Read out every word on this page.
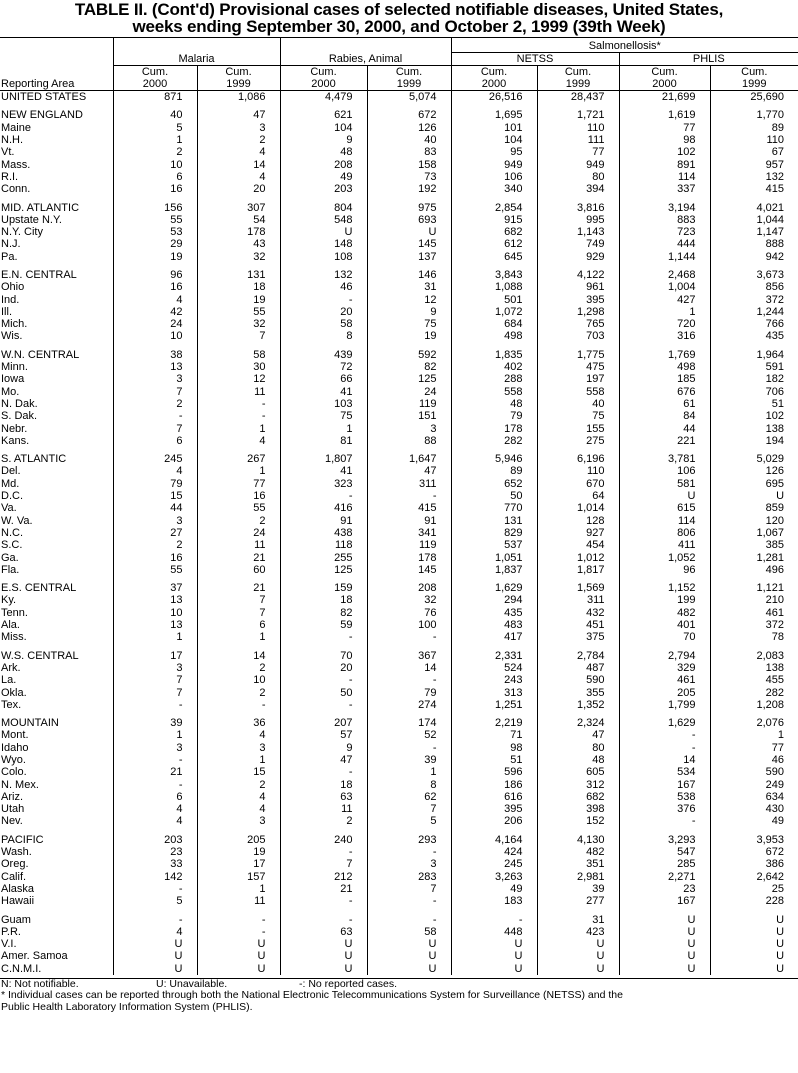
TABLE II. (Cont'd) Provisional cases of selected notifiable diseases, United States,
weeks ending September 30, 2000, and October 2, 1999 (39th Week)
					Salmonellosis*			
	Malaria		Rabies, Animal		NETSS		PHLIS	
Reporting Area	Cum.	Cum.	Cum.	Cum.	Cum.	Cum.	Cum.	Cum.
	2000	1999	2000	1999	2000	1999	2000	1999
UNITED STATES	871	1,086	4,479	5,074	26,516	28,437	21,699	25,690

NEW ENGLAND	40	47	621	672	1,695	1,721	1,619	1,770
Maine	5	3	104	126	101	110	77	89
N.H.	1	2	9	40	104	111	98	110
Vt.	2	4	48	83	95	77	102	67
Mass.	10	14	208	158	949	949	891	957
R.I.	6	4	49	73	106	80	114	132
Conn.	16	20	203	192	340	394	337	415

MID. ATLANTIC	156	307	804	975	2,854	3,816	3,194	4,021
Upstate N.Y.	55	54	548	693	915	995	883	1,044
N.Y. City	53	178	U	U	682	1,143	723	1,147
N.J.	29	43	148	145	612	749	444	888
Pa.	19	32	108	137	645	929	1,144	942

E.N. CENTRAL	96	131	132	146	3,843	4,122	2,468	3,673
Ohio	16	18	46	31	1,088	961	1,004	856
Ind.	4	19	-	12	501	395	427	372
Ill.	42	55	20	9	1,072	1,298	1	1,244
Mich.	24	32	58	75	684	765	720	766
Wis.	10	7	8	19	498	703	316	435

W.N. CENTRAL	38	58	439	592	1,835	1,775	1,769	1,964
Minn.	13	30	72	82	402	475	498	591
Iowa	3	12	66	125	288	197	185	182
Mo.	7	11	41	24	558	558	676	706
N. Dak.	2	-	103	119	48	40	61	51
S. Dak.	-	-	75	151	79	75	84	102
Nebr.	7	1	1	3	178	155	44	138
Kans.	6	4	81	88	282	275	221	194

S. ATLANTIC	245	267	1,807	1,647	5,946	6,196	3,781	5,029
Del.	4	1	41	47	89	110	106	126
Md.	79	77	323	311	652	670	581	695
D.C.	15	16	-	-	50	64	U	U
Va.	44	55	416	415	770	1,014	615	859
W. Va.	3	2	91	91	131	128	114	120
N.C.	27	24	438	341	829	927	806	1,067
S.C.	2	11	118	119	537	454	411	385
Ga.	16	21	255	178	1,051	1,012	1,052	1,281
Fla.	55	60	125	145	1,837	1,817	96	496

E.S. CENTRAL	37	21	159	208	1,629	1,569	1,152	1,121
Ky.	13	7	18	32	294	311	199	210
Tenn.	10	7	82	76	435	432	482	461
Ala.	13	6	59	100	483	451	401	372
Miss.	1	1	-	-	417	375	70	78

W.S. CENTRAL	17	14	70	367	2,331	2,784	2,794	2,083
Ark.	3	2	20	14	524	487	329	138
La.	7	10	-	-	243	590	461	455
Okla.	7	2	50	79	313	355	205	282
Tex.	-	-	-	274	1,251	1,352	1,799	1,208

MOUNTAIN	39	36	207	174	2,219	2,324	1,629	2,076
Mont.	1	4	57	52	71	47	-	1
Idaho	3	3	9	-	98	80	-	77
Wyo.	-	1	47	39	51	48	14	46
Colo.	21	15	-	1	596	605	534	590
N. Mex.	-	2	18	8	186	312	167	249
Ariz.	6	4	63	62	616	682	538	634
Utah	4	4	11	7	395	398	376	430
Nev.	4	3	2	5	206	152	-	49

PACIFIC	203	205	240	293	4,164	4,130	3,293	3,953
Wash.	23	19	-	-	424	482	547	672
Oreg.	33	17	7	3	245	351	285	386
Calif.	142	157	212	283	3,263	2,981	2,271	2,642
Alaska	-	1	21	7	49	39	23	25
Hawaii	5	11	-	-	183	277	167	228

Guam	-	-	-	-	-	31	U	U
P.R.	4	-	63	58	448	423	U	U
V.I.	U	U	U	U	U	U	U	U
Amer. Samoa	U	U	U	U	U	U	U	U
C.N.M.I.	U	U	U	U	U	U	U	U
N: Not notifiable.	U: Unavailable.	-: No reported cases.
* Individual cases can be reported through both the National Electronic Telecommunications System for Surveillance (NETSS) and the
Public Health Laboratory Information System (PHLIS).
